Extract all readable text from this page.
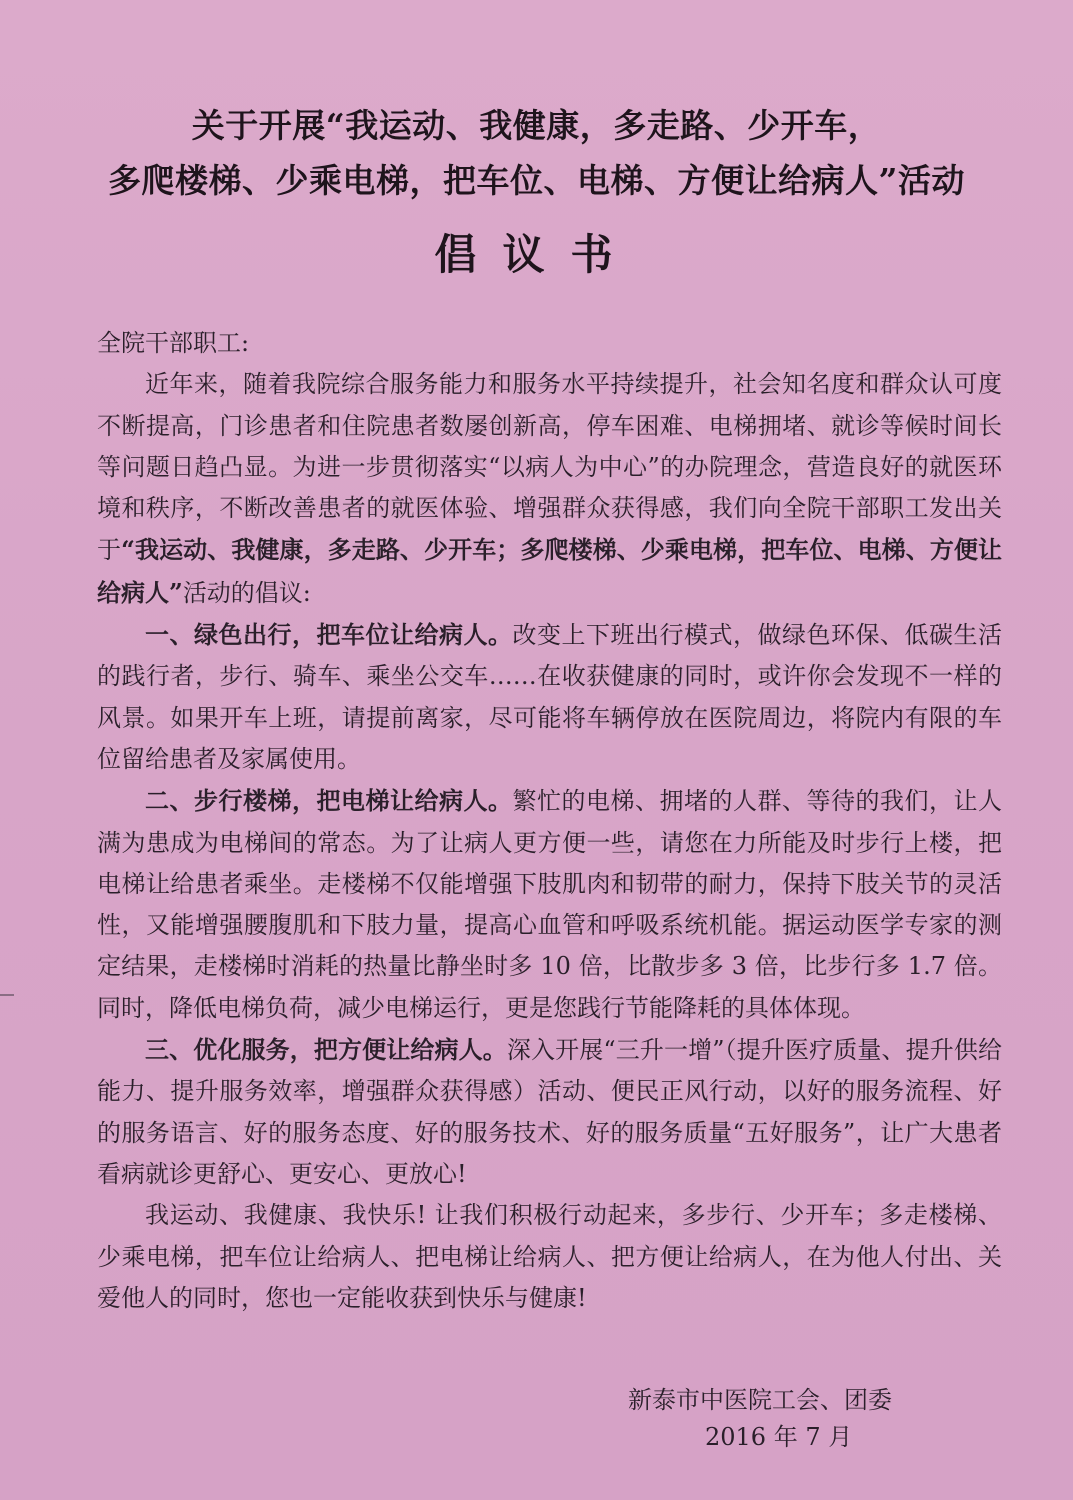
关于开展“我运动、我健康，多走路、少开车，
多爬楼梯、少乘电梯，把车位、电梯、方便让给病人”活动
倡议书

全院干部职工:

近年来，随着我院综合服务能力和服务水平持续提升，社会知名度和群众认可度不断提高，门诊患者和住院患者数屡创新高，停车困难、电梯拥堵、就诊等候时间长等问题日趋凸显。为进一步贯彻落实“以病人为中心”的办院理念，营造良好的就医环境和秩序，不断改善患者的就医体验、增强群众获得感，我们向全院干部职工发出关于“我运动、我健康，多走路、少开车；多爬楼梯、少乘电梯，把车位、电梯、方便让给病人”活动的倡议:

一、绿色出行，把车位让给病人。改变上下班出行模式，做绿色环保、低碳生活的践行者，步行、骑车、乘坐公交车……在收获健康的同时，或许你会发现不一样的风景。如果开车上班，请提前离家，尽可能将车辆停放在医院周边，将院内有限的车位留给患者及家属使用。

二、步行楼梯，把电梯让给病人。繁忙的电梯、拥堵的人群、等待的我们，让人满为患成为电梯间的常态。为了让病人更方便一些，请您在力所能及时步行上楼，把电梯让给患者乘坐。走楼梯不仅能增强下肢肌肉和韧带的耐力，保持下肢关节的灵活性，又能增强腰腹肌和下肢力量，提高心血管和呼吸系统机能。据运动医学专家的测定结果，走楼梯时消耗的热量比静坐时多 10 倍，比散步多 3 倍，比步行多 1.7 倍。同时，降低电梯负荷，减少电梯运行，更是您践行节能降耗的具体体现。

三、优化服务，把方便让给病人。深入开展“三升一增”（提升医疗质量、提升供给能力、提升服务效率，增强群众获得感）活动、便民正风行动，以好的服务流程、好的服务语言、好的服务态度、好的服务技术、好的服务质量“五好服务”，让广大患者看病就诊更舒心、更安心、更放心!

我运动、我健康、我快乐! 让我们积极行动起来，多步行、少开车；多走楼梯、少乘电梯，把车位让给病人、把电梯让给病人、把方便让给病人，在为他人付出、关爱他人的同时，您也一定能收获到快乐与健康!

新泰市中医院工会、团委
2016 年 7 月
